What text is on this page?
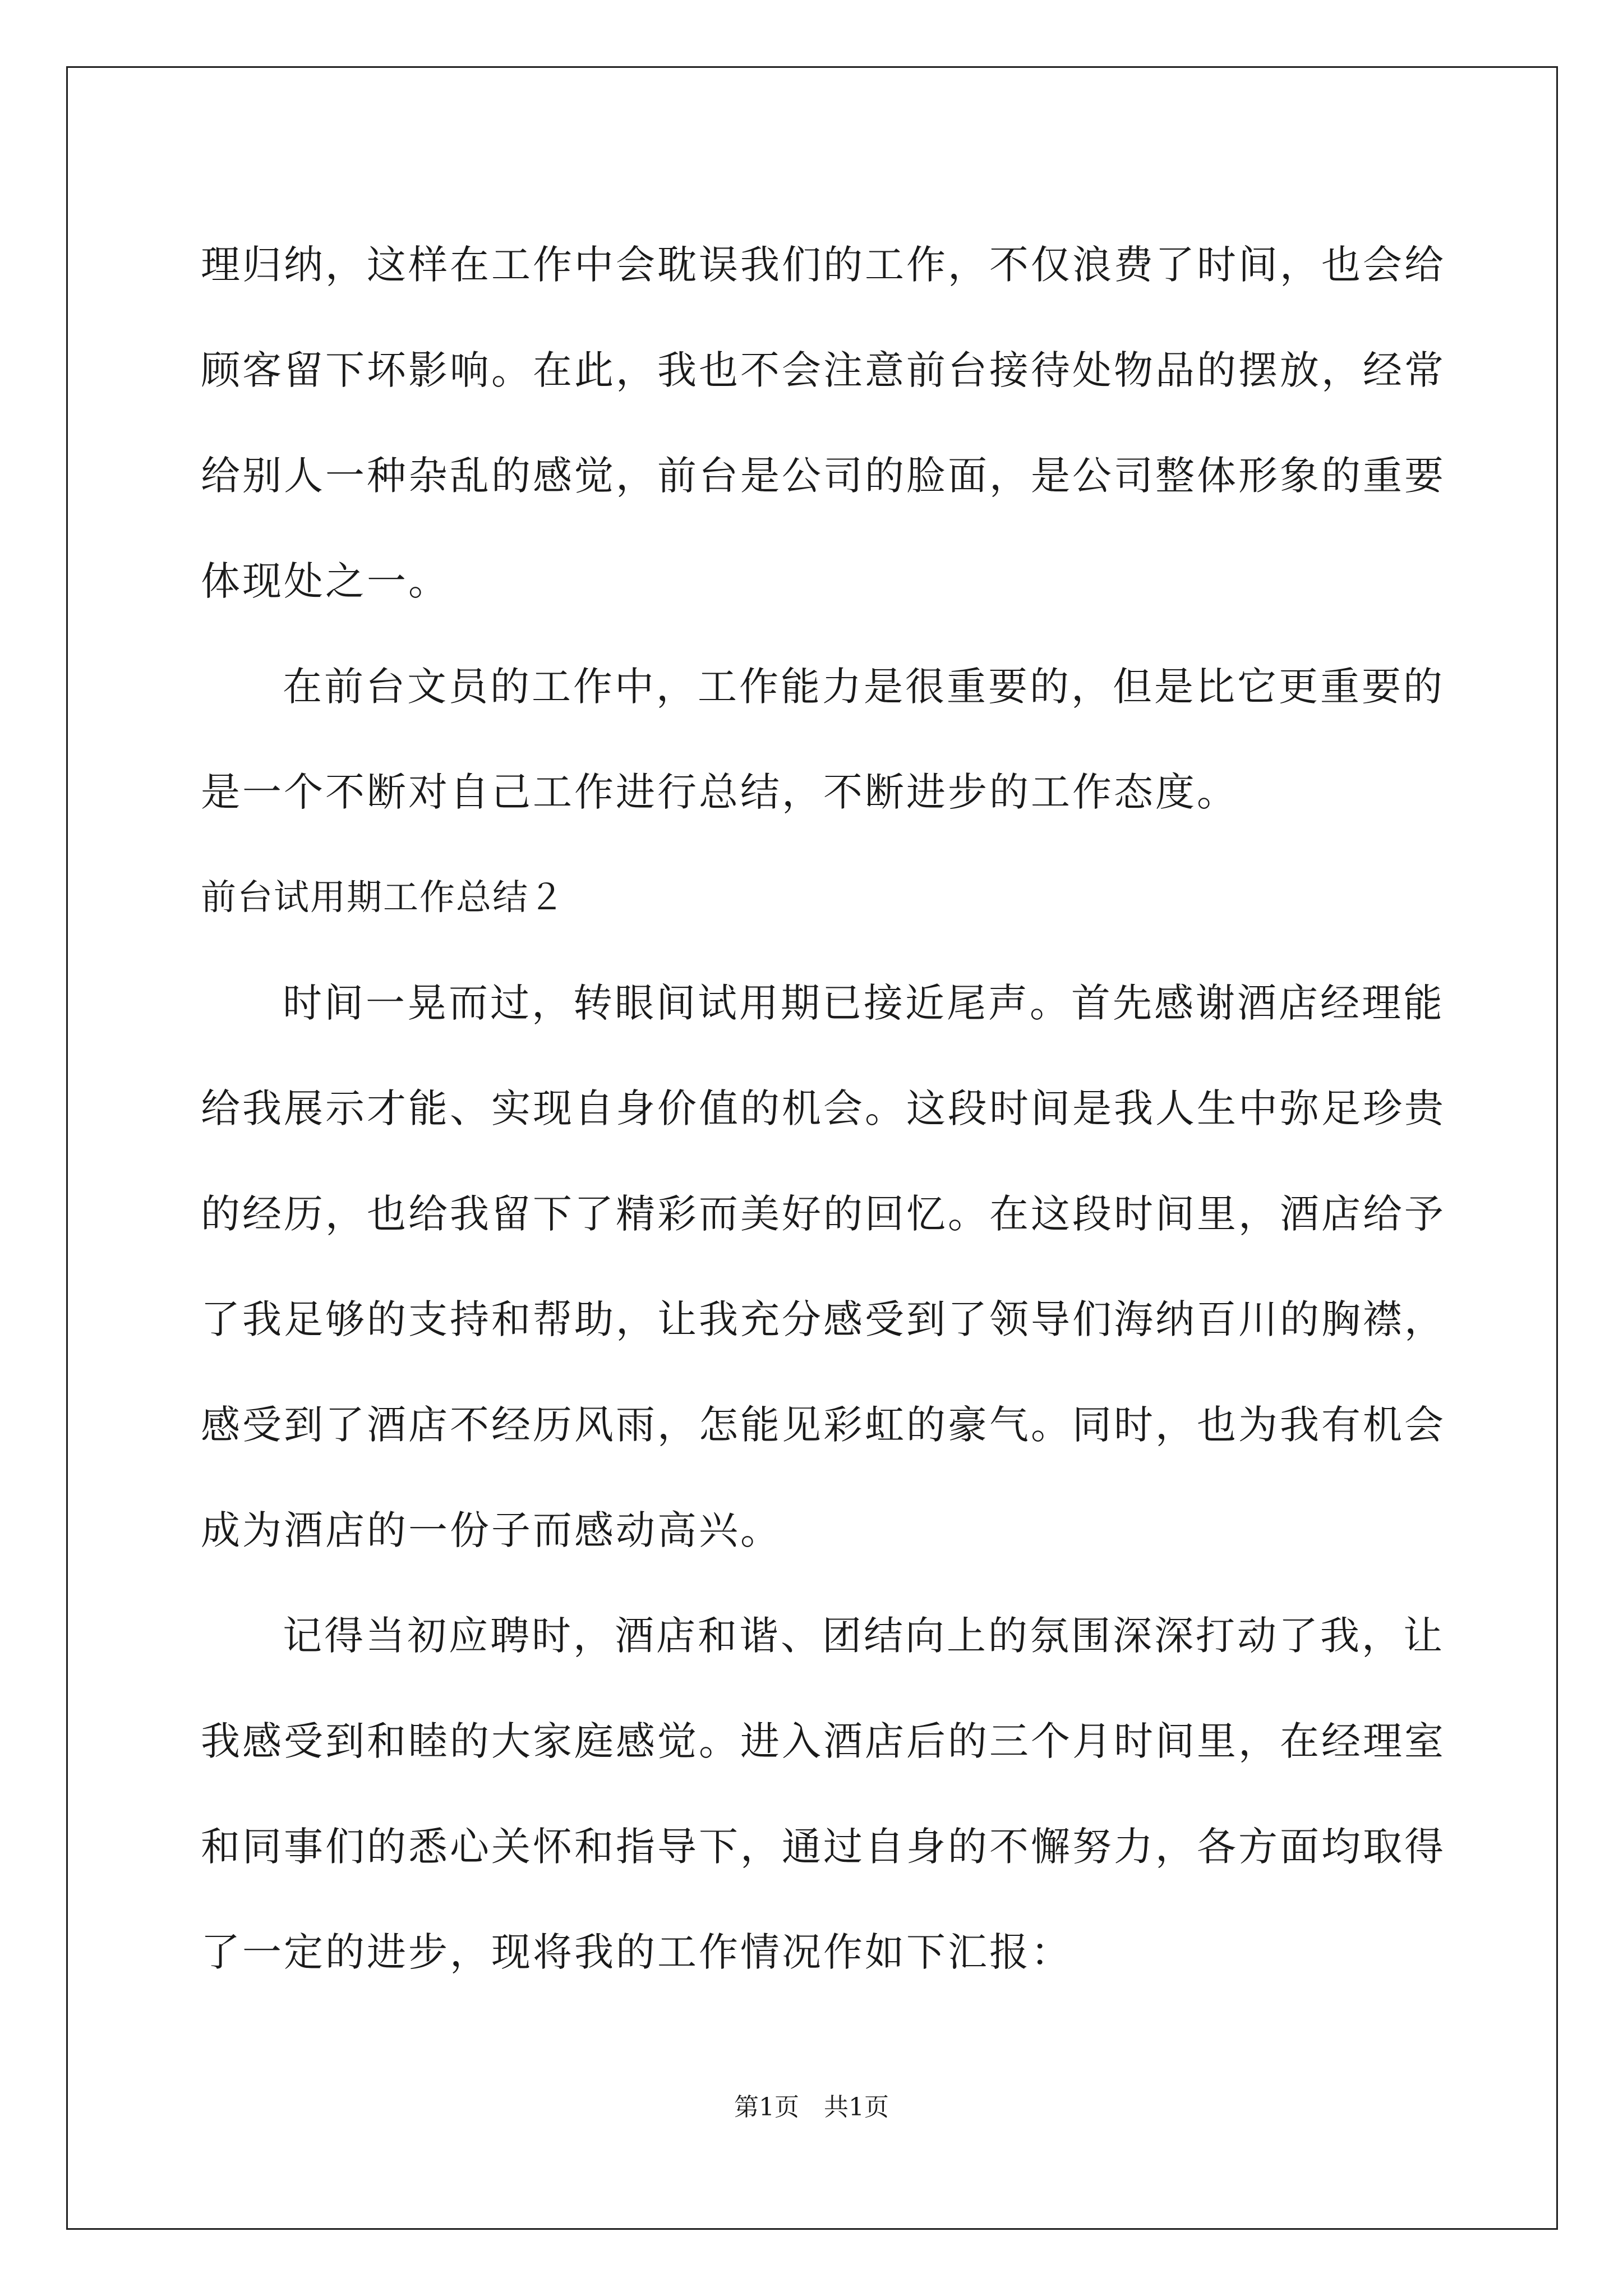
理 归 纳 ， 这 样 在 工 作 中 会 耽 误 我 们 的 工 作 ， 不 仅 浪 费 了 时 间 ， 也 会 给
顾 客 留 下 坏 影 响 。 在 此 ， 我 也 不 会 注 意 前 台 接 待 处 物 品 的 摆 放 ， 经 常
给 别 人 一 种 杂 乱 的 感 觉 ， 前 台 是 公 司 的 脸 面 ， 是 公 司 整 体 形 象 的 重 要
体现处之一。
在 前 台 文 员 的 工 作 中 ， 工 作 能 力 是 很 重 要 的 ， 但 是 比 它 更 重 要 的
是一个不断对自己工作进行总结，不断进步的工作态度。
前台试用期工作总结２
时 间 一 晃 而 过 ， 转 眼 间 试 用 期 已 接 近 尾 声 。 首 先 感 谢 酒 店 经 理 能
给 我 展 示 才 能 、 实 现 自 身 价 值 的 机 会 。 这 段 时 间 是 我 人 生 中 弥 足 珍 贵
的 经 历 ， 也 给 我 留 下 了 精 彩 而 美 好 的 回 忆 。 在 这 段 时 间 里 ， 酒 店 给 予
了 我 足 够 的 支 持 和 帮 助 ， 让 我 充 分 感 受 到 了 领 导 们 海 纳 百 川 的 胸 襟 ，
感 受 到 了 酒 店 不 经 历 风 雨 ， 怎 能 见 彩 虹 的 豪 气 。 同 时 ， 也 为 我 有 机 会
成为酒店的一份子而感动高兴。
记 得 当 初 应 聘 时 ， 酒 店 和 谐 、 团 结 向 上 的 氛 围 深 深 打 动 了 我 ， 让
我 感 受 到 和 睦 的 大 家 庭 感 觉 。 进 入 酒 店 后 的 三 个 月 时 间 里 ， 在 经 理 室
和 同 事 们 的 悉 心 关 怀 和 指 导 下 ， 通 过 自 身 的 不 懈 努 力 ， 各 方 面 均 取 得
了一定的进步，现将我的工作情况作如下汇报：
第1页　共1页
